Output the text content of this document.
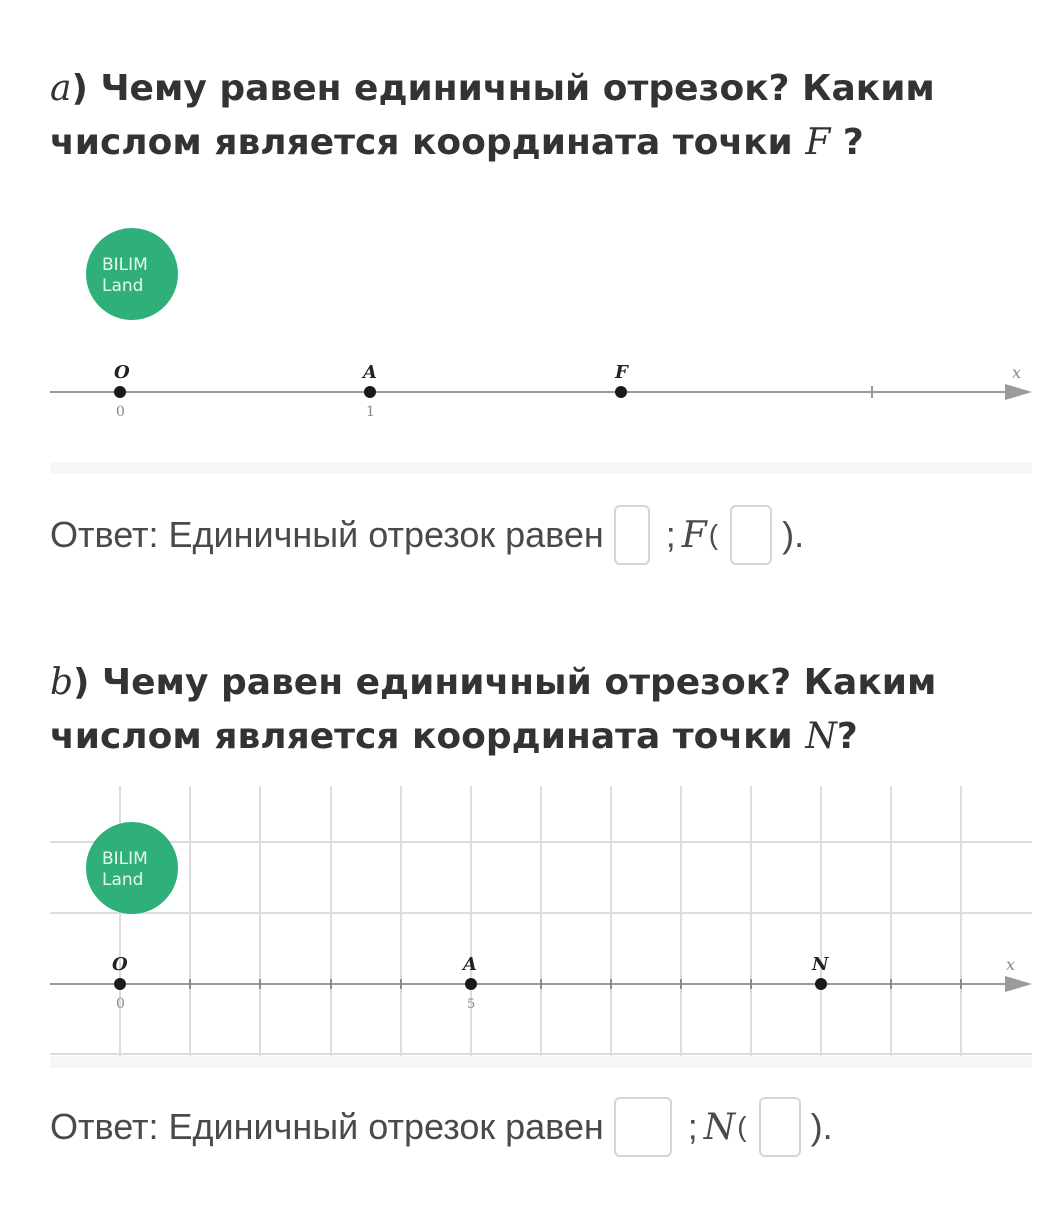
a) Чему равен единичный отрезок? Каким
числом является координата точки F ?
BILIM
Land
x
O
0
A
1
F
Ответ: Единичный отрезок равен ; F ( ).
b) Чему равен единичный отрезок? Каким
числом является координата точки N?
x
O
0
A
5
N
BILIM
Land
Ответ: Единичный отрезок равен ; N ( ).
